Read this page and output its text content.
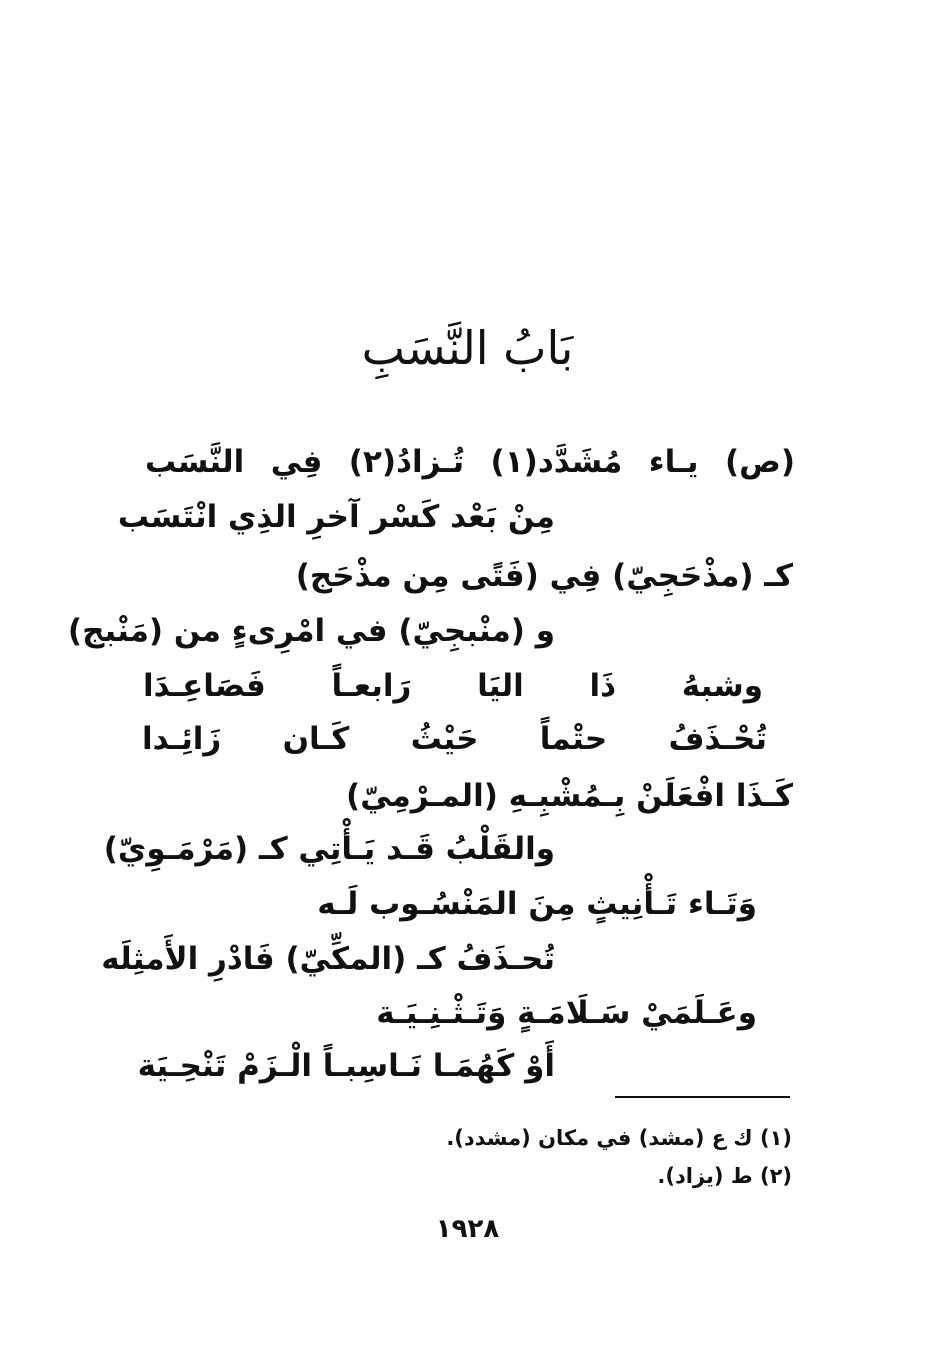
بَابُ النَّسَبِ
(ص) يـاء مُشَدَّد(١) تُـزادُ(٢) فِي النَّسَب
مِنْ بَعْد كَسْر آخرِ الذِي انْتَسَب
كـ (مذْحَجِيّ) فِي (فَتًى مِن مذْحَج)
و (منْبجِيّ) في امْرِىءٍ من (مَنْبج)
وشبهُ ذَا اليَا رَابعـاً فَصَاعِـدَا
تُحْـذَفُ حتْماً حَيْثُ كَـان زَائِـدا
كَـذَا افْعَلَنْ بِـمُشْبِـهِ (المـرْمِيّ)
والقَلْبُ قَـد يَـأْتِي كـ (مَرْمَـوِيّ)
وَتَـاء تَـأْنِيثٍ مِنَ المَنْسُـوب لَـه
تُحـذَفُ كـ (المكِّيّ) فَادْرِ الأَمثِلَه
وعَـلَمَيْ سَـلَامَـةٍ وَتَـثْـنِـيَـة
أَوْ كَهُمَـا نَـاسِبـاً الْـزَمْ تَنْحِـيَة
(١) ك ع (مشد) في مكان (مشدد).
(٢) ط (يزاد).
١٩٢٨
